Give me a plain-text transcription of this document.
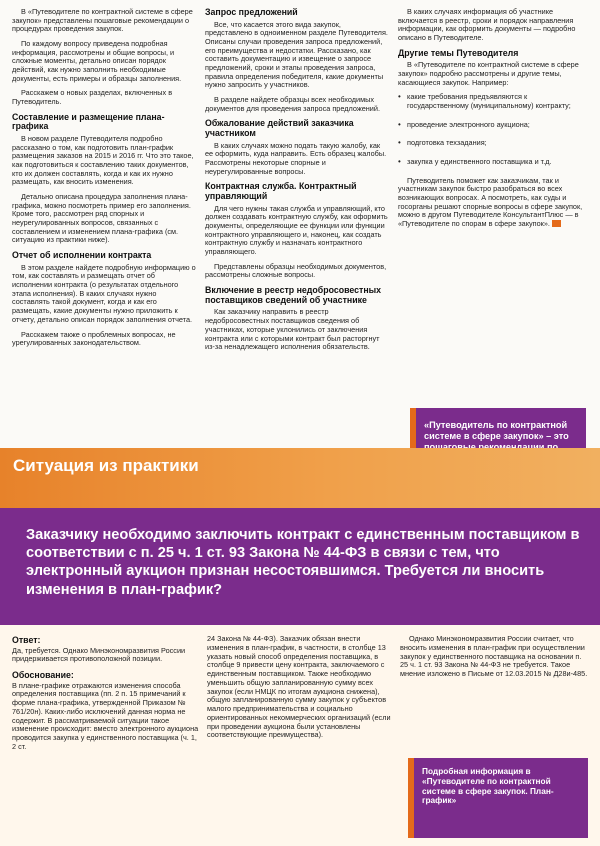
В «Путеводителе по контрактной системе в сфере закупок» представлены пошаговые рекомендации о процедурах проведения закупок.

По каждому вопросу приведена подробная информация, рассмотрены и общие вопросы, и сложные моменты, детально описан порядок действий, как нужно заполнить необходимые документы, есть примеры и образцы заполнения.

Расскажем о новых разделах, включенных в Путеводитель.

Составление и размещение плана-графика

В новом разделе Путеводителя подробно рассказано о том, как подготовить план-график размещения заказов на 2015 и 2016 гг. Что это такое, как подготовиться к составлению таких документов, кто их должен составлять, когда и как их нужно размещать, как вносить изменения.

Детально описана процедура заполнения плана-графика, можно посмотреть пример его заполнения. Кроме того, рассмотрен ряд спорных и неурегулированных вопросов, связанных с составлением и изменением плана-графика (см. ситуацию из практики ниже).

Отчет об исполнении контракта

В этом разделе найдете подробную информацию о том, как составлять и размещать отчет об исполнении контракта (о результатах отдельного этапа исполнения). В каких случаях нужно составлять такой документ, когда и как его размещать, какие документы нужно приложить к отчету, детально описан порядок заполнения отчета.

Расскажем также о проблемных вопросах, не урегулированных законодательством.

Запрос предложений

Все, что касается этого вида закупок, представлено в одноименном разделе Путеводителя. Описаны случаи проведения запроса предложений, его преимущества и недостатки. Рассказано, как составить документацию и извещение о запросе предложений, сроки и этапы проведения запроса, правила определения победителя, какие документы нужно запросить у участников.

В разделе найдете образцы всех необходимых документов для проведения запроса предложений.

Обжалование действий заказчика участником

В каких случаях можно подать такую жалобу, как ее оформить, куда направить. Есть образец жалобы. Рассмотрены некоторые спорные и неурегулированные вопросы.

Контрактная служба. Контрактный управляющий

Для чего нужны такая служба и управляющий, кто должен создавать контрактную службу, как оформить документы, определяющие ее функции или функции контрактного управляющего и, наконец, как создать контрактную службу и назначать контрактного управляющего.

Представлены образцы необходимых документов, рассмотрены сложные вопросы.

Включение в реестр недобросовестных поставщиков сведений об участнике

Как заказчику направить в реестр недобросовестных поставщиков сведения об участниках, которые уклонились от заключения контракта или с которыми контракт был расторгнут из-за ненадлежащего исполнения обязательств.

В каких случаях информация об участнике включается в реестр, сроки и порядок направления информации, как оформить документы — подробно описано в Путеводителе.

Другие темы Путеводителя

В «Путеводителе по контрактной системе в сфере закупок» подробно рассмотрены и другие темы, касающиеся закупок. Например:

• какие требования предъявляются к государственному (муниципальному) контракту;
• проведение электронного аукциона;
• подготовка техзадания;
• закупка у единственного поставщика и т.д.

Путеводитель поможет как заказчикам, так и участникам закупок быстро разобраться во всех возникающих вопросах. А посмотреть, как суды и госорганы решают спорные вопросы в сфере закупок, можно в другом Путеводителе КонсультантПлюс — в «Путеводителе по спорам в сфере закупок».

«Путеводитель по контрактной системе в сфере закупок» – это
Ситуация из практики
Заказчику необходимо заключить контракт с единственным поставщиком в соответствии с п. 25 ч. 1 ст. 93 Закона № 44-ФЗ в связи с тем, что электронный аукцион признан несостоявшимся. Требуется ли вносить изменения в план-график?
Ответ:

Да, требуется. Однако Минэкономразвития России придерживается противоположной позиции.

Обоснование:

В плане-графике отражаются изменения способа определения поставщика (пп. 2 п. 15 примечаний к форме плана-графика, утвержденной Приказом № 761/20н). Каких-либо исключений данная норма не содержит. В рассматриваемой ситуации такое изменение происходит: вместо электронного аукциона проводится закупка у единственного поставщика (ч. 1, 2 ст.

24 Закона № 44-ФЗ). Заказчик обязан внести изменения в план-график, в частности, в столбце 13 указать новый способ определения поставщика, в столбце 9 привести цену контракта, заключаемого с единственным поставщиком. Также необходимо уменьшить общую запланированную сумму всех закупок (если НМЦК по итогам аукциона снижена), общую запланированную сумму закупок у субъектов малого предпринимательства и социально ориентированных некоммерческих организаций (если при проведении аукциона были установлены соответствующие преимущества).

Однако Минэкономразвития России считает, что вносить изменения в план-график при осуществлении закупок у единственного поставщика на основании п. 25 ч. 1 ст. 93 Закона № 44-ФЗ не требуется. Такое мнение изложено в Письме от 12.03.2015 № Д28и-485.

Подробная информация в «Путеводителе по контрактной системе в сфере закупок. План-график»
